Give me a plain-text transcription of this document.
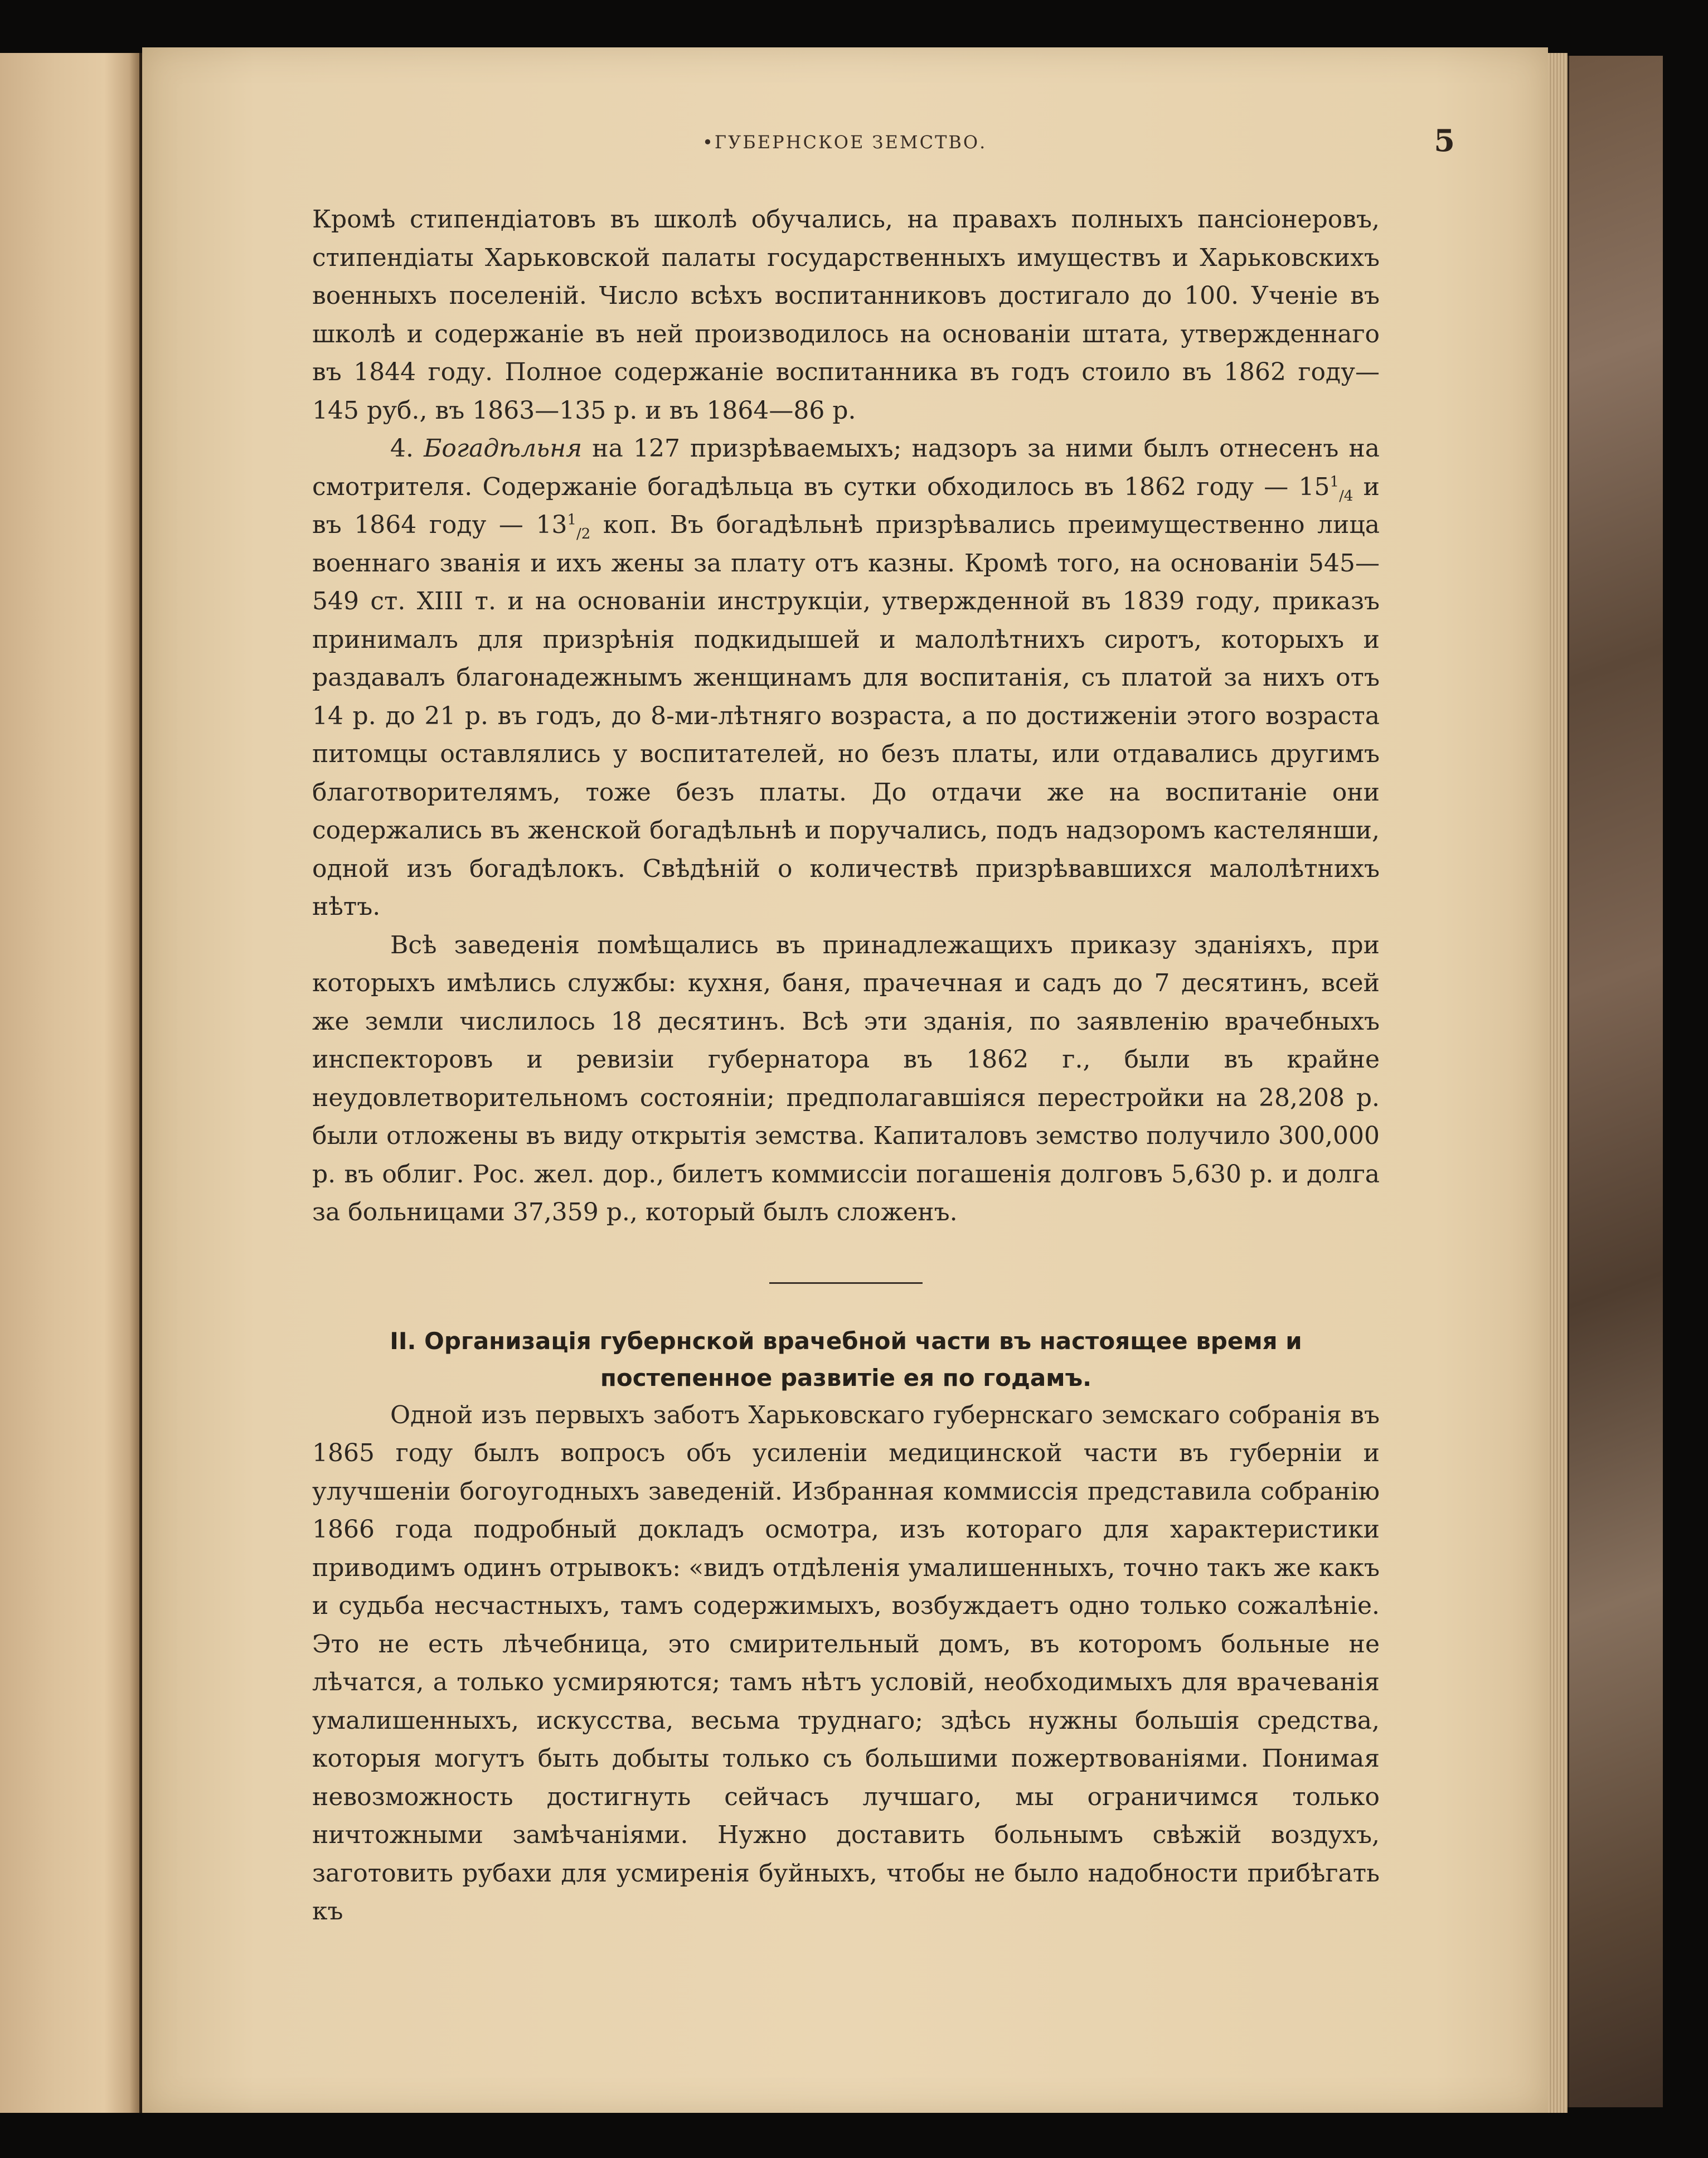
•ГУБЕРНСКОЕ ЗЕМСТВО.	5

Кромѣ стипендіатовъ въ школѣ обучались, на правахъ полныхъ пансіонеровъ, стипендіаты Харьковской палаты государственныхъ имуществъ и Харьковскихъ военныхъ поселеній. Число всѣхъ воспитанниковъ достигало до 100. Ученіе въ школѣ и содержаніе въ ней производилось на основаніи штата, утвержденнаго въ 1844 году. Полное содержаніе воспитанника въ годъ стоило въ 1862 году—145 руб., въ 1863—135 р. и въ 1864—86 р.

4. Богадѣльня на 127 призрѣваемыхъ; надзоръ за ними былъ отнесенъ на смотрителя. Содержаніе богадѣльца въ сутки обходилось въ 1862 году — $15^1_{/4}$ и въ 1864 году — $13^1_{/2}$ коп. Въ богадѣльнѣ призрѣвались преимущественно лица военнаго званія и ихъ жены за плату отъ казны. Кромѣ того, на основаніи 545—549 ст. XIII т. и на основаніи инструкціи, утвержденной въ 1839 году, приказъ принималъ для призрѣнія подкидышей и малолѣтнихъ сиротъ, которыхъ и раздавалъ благонадежнымъ женщинамъ для воспитанія, съ платой за нихъ отъ 14 р. до 21 р. въ годъ, до 8-ми-лѣтняго возраста, а по достиженіи этого возраста питомцы оставлялись у воспитателей, но безъ платы, или отдавались другимъ благотворителямъ, тоже безъ платы. До отдачи же на воспитаніе они содержались въ женской богадѣльнѣ и поручались, подъ надзоромъ кастелянши, одной изъ богадѣлокъ. Свѣдѣній о количествѣ призрѣвавшихся малолѣтнихъ нѣтъ.

Всѣ заведенія помѣщались въ принадлежащихъ приказу зданіяхъ, при которыхъ имѣлись службы: кухня, баня, прачечная и садъ до 7 десятинъ, всей же земли числилось 18 десятинъ. Всѣ эти зданія, по заявленію врачебныхъ инспекторовъ и ревизіи губернатора въ 1862 г., были въ крайне неудовлетворительномъ состояніи; предполагавшіяся перестройки на 28,208 р. были отложены въ виду открытія земства. Капиталовъ земство получило 300,000 р. въ облиг. Рос. жел. дор., билетъ коммиссіи погашенія долговъ 5,630 р. и долга за больницами 37,359 р., который былъ сложенъ.

II. Организація губернской врачебной части въ настоящее время и постепенное развитіе ея по годамъ.

Одной изъ первыхъ заботъ Харьковскаго губернскаго земскаго собранія въ 1865 году былъ вопросъ объ усиленіи медицинской части въ губерніи и улучшеніи богоугодныхъ заведеній. Избранная коммиссія представила собранію 1866 года подробный докладъ осмотра, изъ котораго для характеристики приводимъ одинъ отрывокъ: «видъ отдѣленія умалишенныхъ, точно такъ же какъ и судьба несчастныхъ, тамъ содержимыхъ, возбуждаетъ одно только сожалѣніе. Это не есть лѣчебница, это смирительный домъ, въ которомъ больные не лѣчатся, а только усмиряются; тамъ нѣтъ условій, необходимыхъ для врачеванія умалишенныхъ, искусства, весьма труднаго; здѣсь нужны большія средства, которыя могутъ быть добыты только съ большими пожертвованіями. Понимая невозможность достигнуть сейчасъ лучшаго, мы ограничимся только ничтожными замѣчаніями. Нужно доставить больнымъ свѣжій воздухъ, заготовить рубахи для усмиренія буйныхъ, чтобы не было надобности прибѣгать къ
